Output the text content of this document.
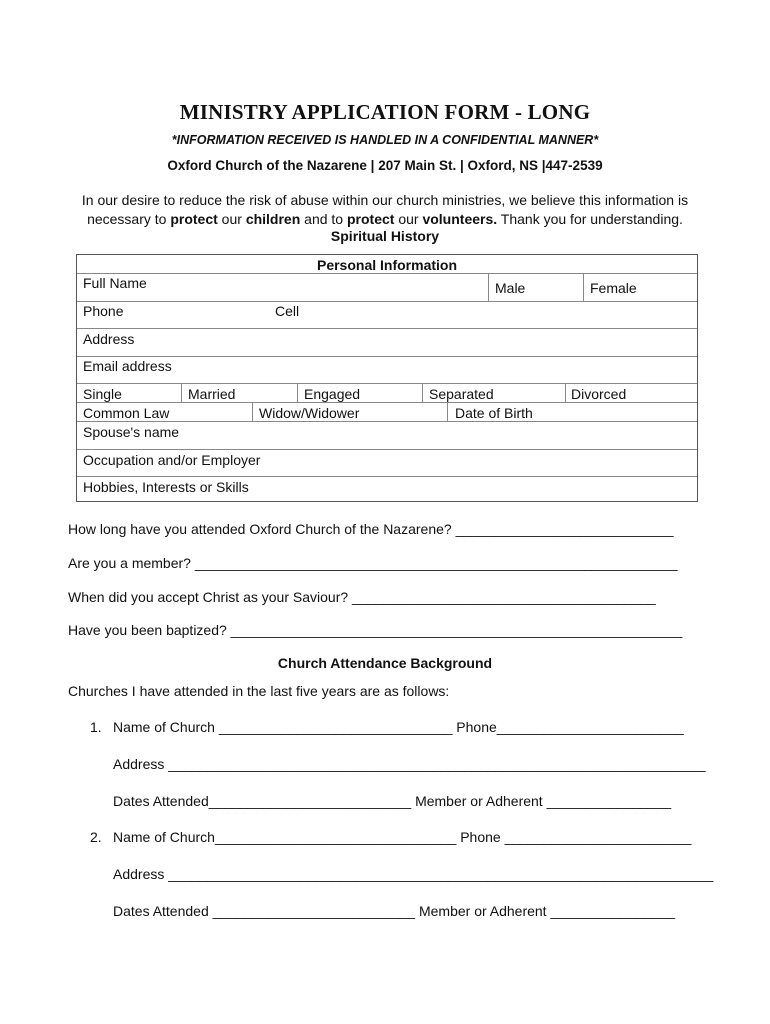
MINISTRY APPLICATION FORM - LONG
*INFORMATION RECEIVED IS HANDLED IN A CONFIDENTIAL MANNER*
Oxford Church of the Nazarene | 207 Main St. | Oxford, NS |447-2539
In our desire to reduce the risk of abuse within our church ministries, we believe this information is
necessary to protect our children and to protect our volunteers. Thank you for understanding.
Spiritual History
Personal Information
Full Name	Male	Female
Phone	Cell
Address
Email address
Single	Married	Engaged	Separated	Divorced
Common Law	Widow/Widower	Date of Birth
Spouse's name
Occupation and/or Employer
Hobbies, Interests or Skills
How long have you attended Oxford Church of the Nazarene? ____________________________
Are you a member? ______________________________________________________________
When did you accept Christ as your Saviour? _______________________________________
Have you been baptized? __________________________________________________________
Church Attendance Background
Churches I have attended in the last five years are as follows:
1. Name of Church ______________________________ Phone________________________
Address _____________________________________________________________________
Dates Attended__________________________ Member or Adherent ________________
2. Name of Church_______________________________ Phone ________________________
Address ______________________________________________________________________
Dates Attended __________________________ Member or Adherent ________________
